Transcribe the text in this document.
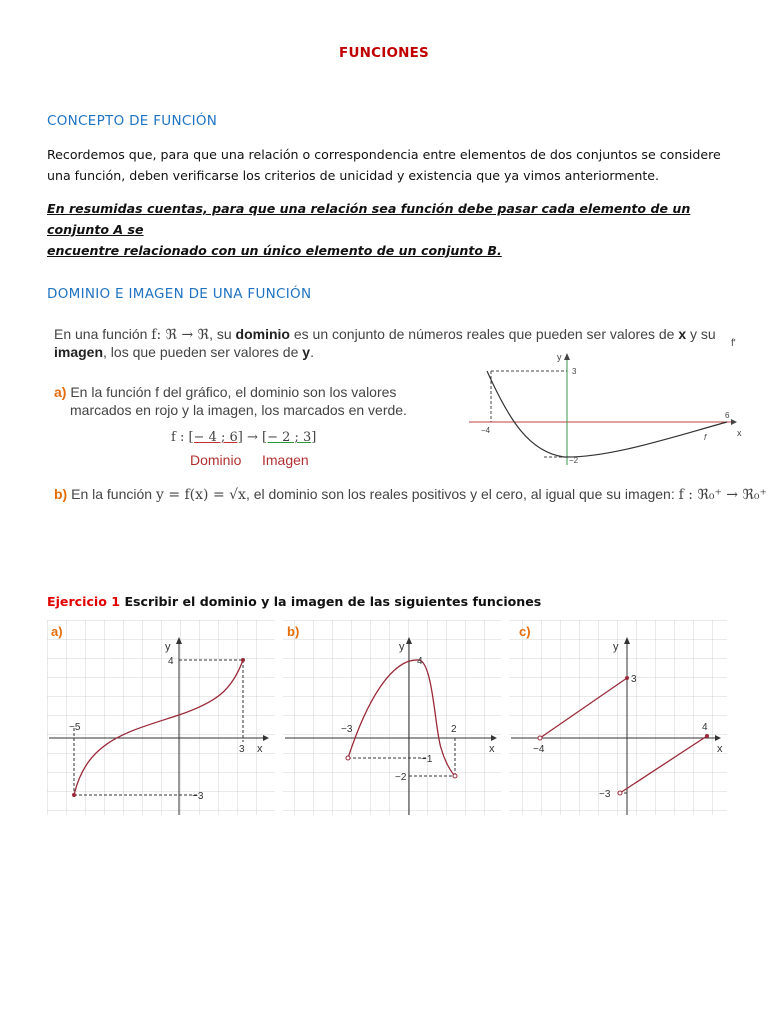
FUNCIONES
CONCEPTO DE FUNCIÓN
Recordemos que, para que una relación o correspondencia entre elementos de dos conjuntos se considere
una función, deben verificarse los criterios de unicidad y existencia que ya vimos anteriormente.
En resumidas cuentas, para que una relación sea función debe pasar cada elemento de un conjunto A se
encuentre relacionado con un único elemento de un conjunto B.
DOMINIO E IMAGEN DE UNA FUNCIÓN
En una función f: ℜ → ℜ, su dominio es un conjunto de números reales que pueden ser valores de x y su
imagen, los que pueden ser valores de y.
f'
a) En la función f del gráfico, el dominio son los valores
marcados en rojo y la imagen, los marcados en verde.
f : [− 4 ; 6] → [− 2 ; 3]
Dominio Imagen
b) En la función y = f(x) = √x, el dominio son los reales positivos y el cero, al igual que su imagen: f : ℜ₀⁺ → ℜ₀⁺
y
x
3
−4
6
−2
f
Ejercicio 1 Escribir el dominio y la imagen de las siguientes funciones
a)
y
x
4
−5
3
−3
b)
y
x
4
−3	2
−1
−2
c)
y
x
3
−4
4
−3
